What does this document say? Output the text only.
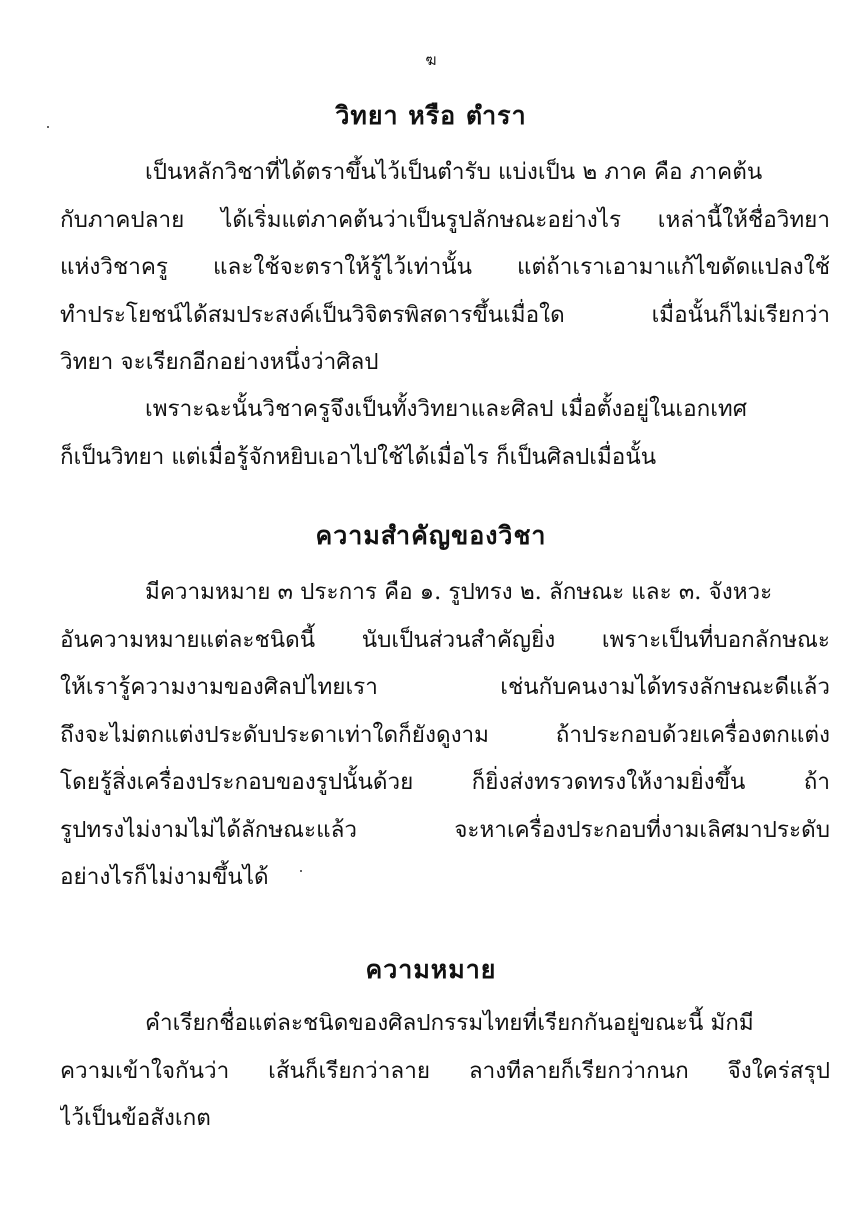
ฆ
วิทยา หรือ ตำรา
เป็นหลักวิชาที่ได้ตราขึ้นไว้เป็นตำรับ แบ่งเป็น ๒ ภาค คือ ภาคต้น
กับภาคปลาย ได้เริ่มแต่ภาคต้นว่าเป็นรูปลักษณะอย่างไร เหล่านี้ให้ชื่อวิทยา
แห่งวิชาครู และใช้จะตราให้รู้ไว้เท่านั้น แต่ถ้าเราเอามาแก้ไขดัดแปลงใช้
ทำประโยชน์ได้สมประสงค์เป็นวิจิตรพิสดารขึ้นเมื่อใด เมื่อนั้นก็ไม่เรียกว่า
วิทยา จะเรียกอีกอย่างหนึ่งว่าศิลป
เพราะฉะนั้นวิชาครูจึงเป็นทั้งวิทยาและศิลป เมื่อตั้งอยู่ในเอกเทศ
ก็เป็นวิทยา แต่เมื่อรู้จักหยิบเอาไปใช้ได้เมื่อไร ก็เป็นศิลปเมื่อนั้น
ความสำคัญของวิชา
มีความหมาย ๓ ประการ คือ ๑. รูปทรง ๒. ลักษณะ และ ๓. จังหวะ
อันความหมายแต่ละชนิดนี้ นับเป็นส่วนสำคัญยิ่ง เพราะเป็นที่บอกลักษณะ
ให้เรารู้ความงามของศิลปไทยเรา เช่นกับคนงามได้ทรงลักษณะดีแล้ว
ถึงจะไม่ตกแต่งประดับประดาเท่าใดก็ยังดูงาม ถ้าประกอบด้วยเครื่องตกแต่ง
โดยรู้สิ่งเครื่องประกอบของรูปนั้นด้วย ก็ยิ่งส่งทรวดทรงให้งามยิ่งขึ้น ถ้า
รูปทรงไม่งามไม่ได้ลักษณะแล้ว จะหาเครื่องประกอบที่งามเลิศมาประดับ
อย่างไรก็ไม่งามขึ้นได้
ความหมาย
คำเรียกชื่อแต่ละชนิดของศิลปกรรมไทยที่เรียกกันอยู่ขณะนี้ มักมี
ความเข้าใจกันว่า เส้นก็เรียกว่าลาย ลางทีลายก็เรียกว่ากนก จึงใคร่สรุป
ไว้เป็นข้อสังเกต
